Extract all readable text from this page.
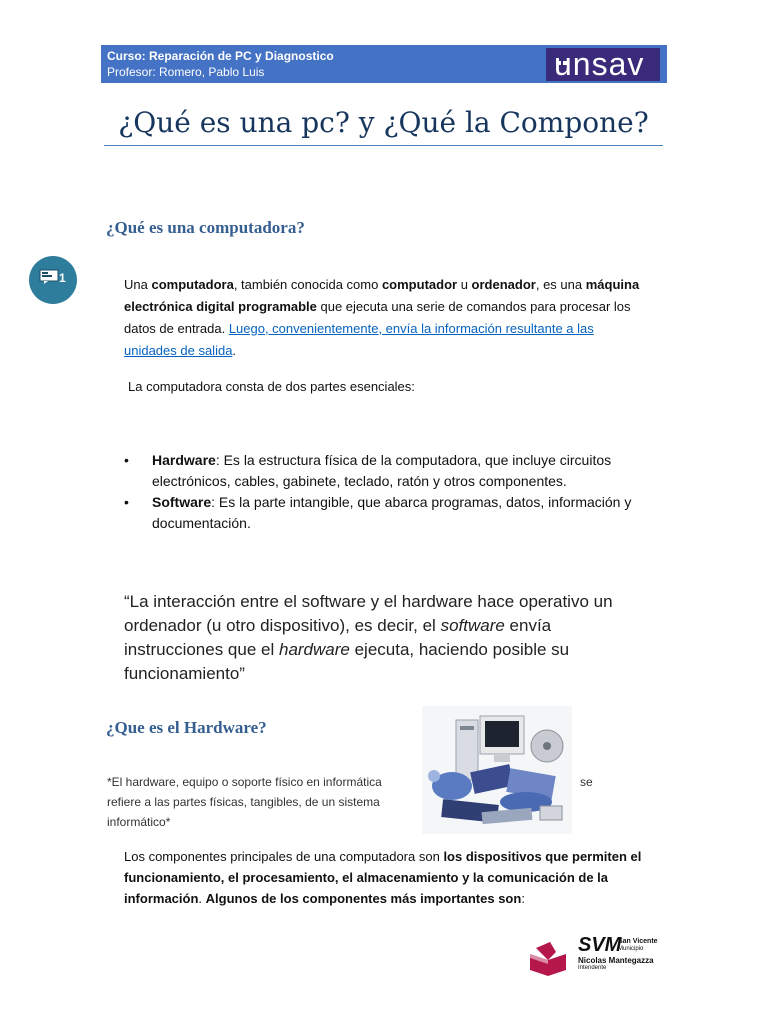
Curso: Reparación de PC y Diagnostico
Profesor: Romero, Pablo Luis	unsav
¿Qué es una pc? y ¿Qué la Compone?
¿Qué es una computadora?
1	Una computadora, también conocida como computador u ordenador, es una máquina electrónica digital programable que ejecuta una serie de comandos para procesar los datos de entrada. Luego, convenientemente, envía la información resultante a las unidades de salida.

La computadora consta de dos partes esenciales:

• Hardware: Es la estructura física de la computadora, que incluye circuitos electrónicos, cables, gabinete, teclado, ratón y otros componentes.
• Software: Es la parte intangible, que abarca programas, datos, información y documentación.

“La interacción entre el software y el hardware hace operativo un ordenador (u otro dispositivo), es decir, el software envía instrucciones que el hardware ejecuta, haciendo posible su funcionamiento”

¿Que es el Hardware?

*El hardware, equipo o soporte físico en informática refiere a las partes físicas, tangibles, de un sistema informático*

se

Los componentes principales de una computadora son los dispositivos que permiten el funcionamiento, el procesamiento, el almacenamiento y la comunicación de la información. Algunos de los componentes más importantes son:

SVM
San Vicente
Municipio
Nicolas Mantegazza
Intendente
